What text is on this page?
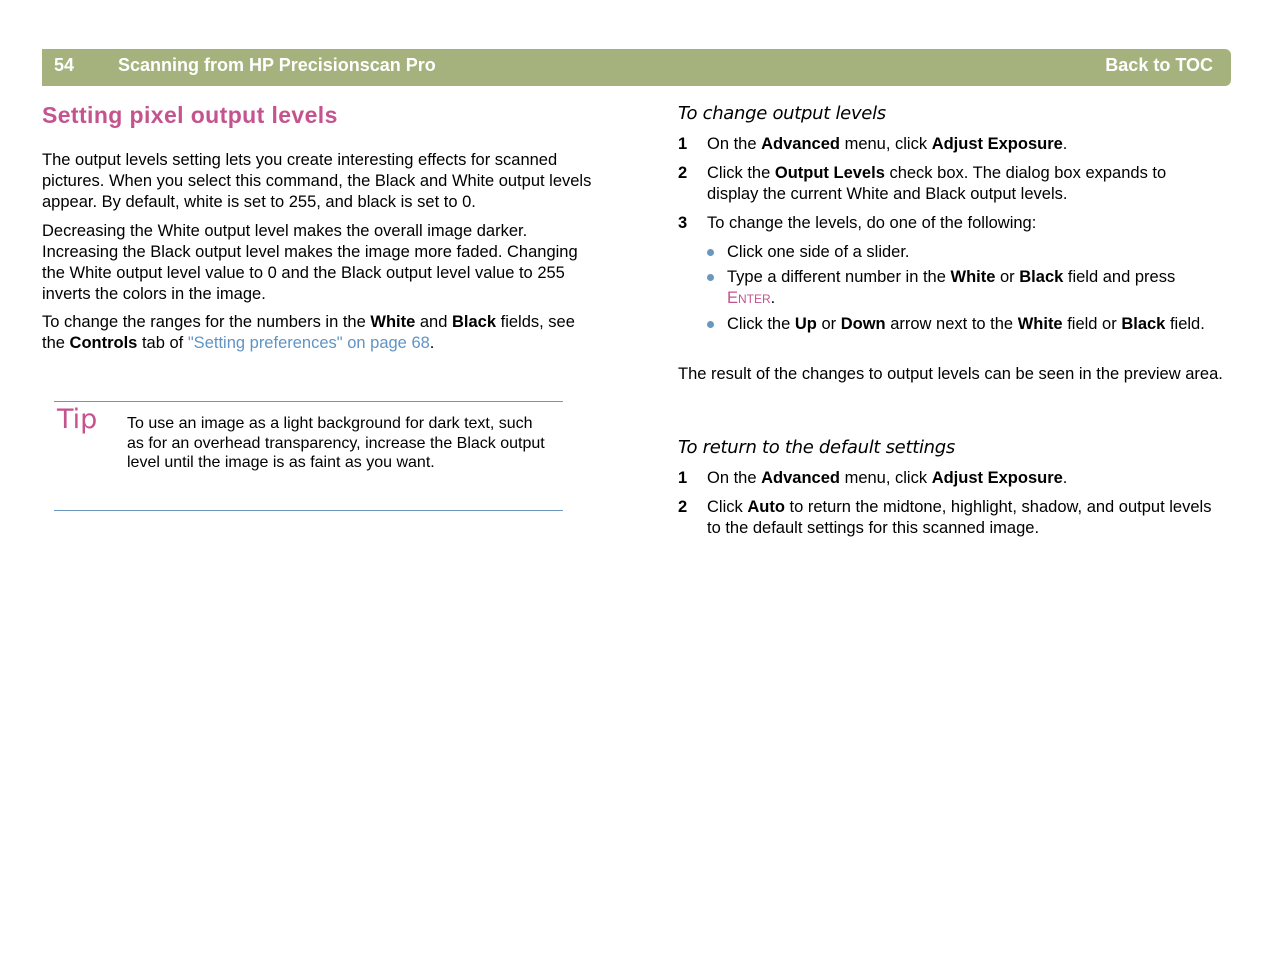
54 Scanning from HP Precisionscan Pro	Back to TOC
Setting pixel output levels

The output levels setting lets you create interesting effects for scanned pictures. When you select this command, the Black and White output levels appear. By default, white is set to 255, and black is set to 0.

Decreasing the White output level makes the overall image darker. Increasing the Black output level makes the image more faded. Changing the White output level value to 0 and the Black output level value to 255 inverts the colors in the image.

To change the ranges for the numbers in the White and Black fields, see the Controls tab of "Setting preferences" on page 68.

Tip To use an image as a light background for dark text, such as for an overhead transparency, increase the Black output level until the image is as faint as you want.
To change output levels
1 On the Advanced menu, click Adjust Exposure.
2 Click the Output Levels check box. The dialog box expands to display the current White and Black output levels.
3 To change the levels, do one of the following:
Click one side of a slider.
Type a different number in the White or Black field and press Enter.
Click the Up or Down arrow next to the White field or Black field.
The result of the changes to output levels can be seen in the preview area.
To return to the default settings
1 On the Advanced menu, click Adjust Exposure.
2 Click Auto to return the midtone, highlight, shadow, and output levels to the default settings for this scanned image.
